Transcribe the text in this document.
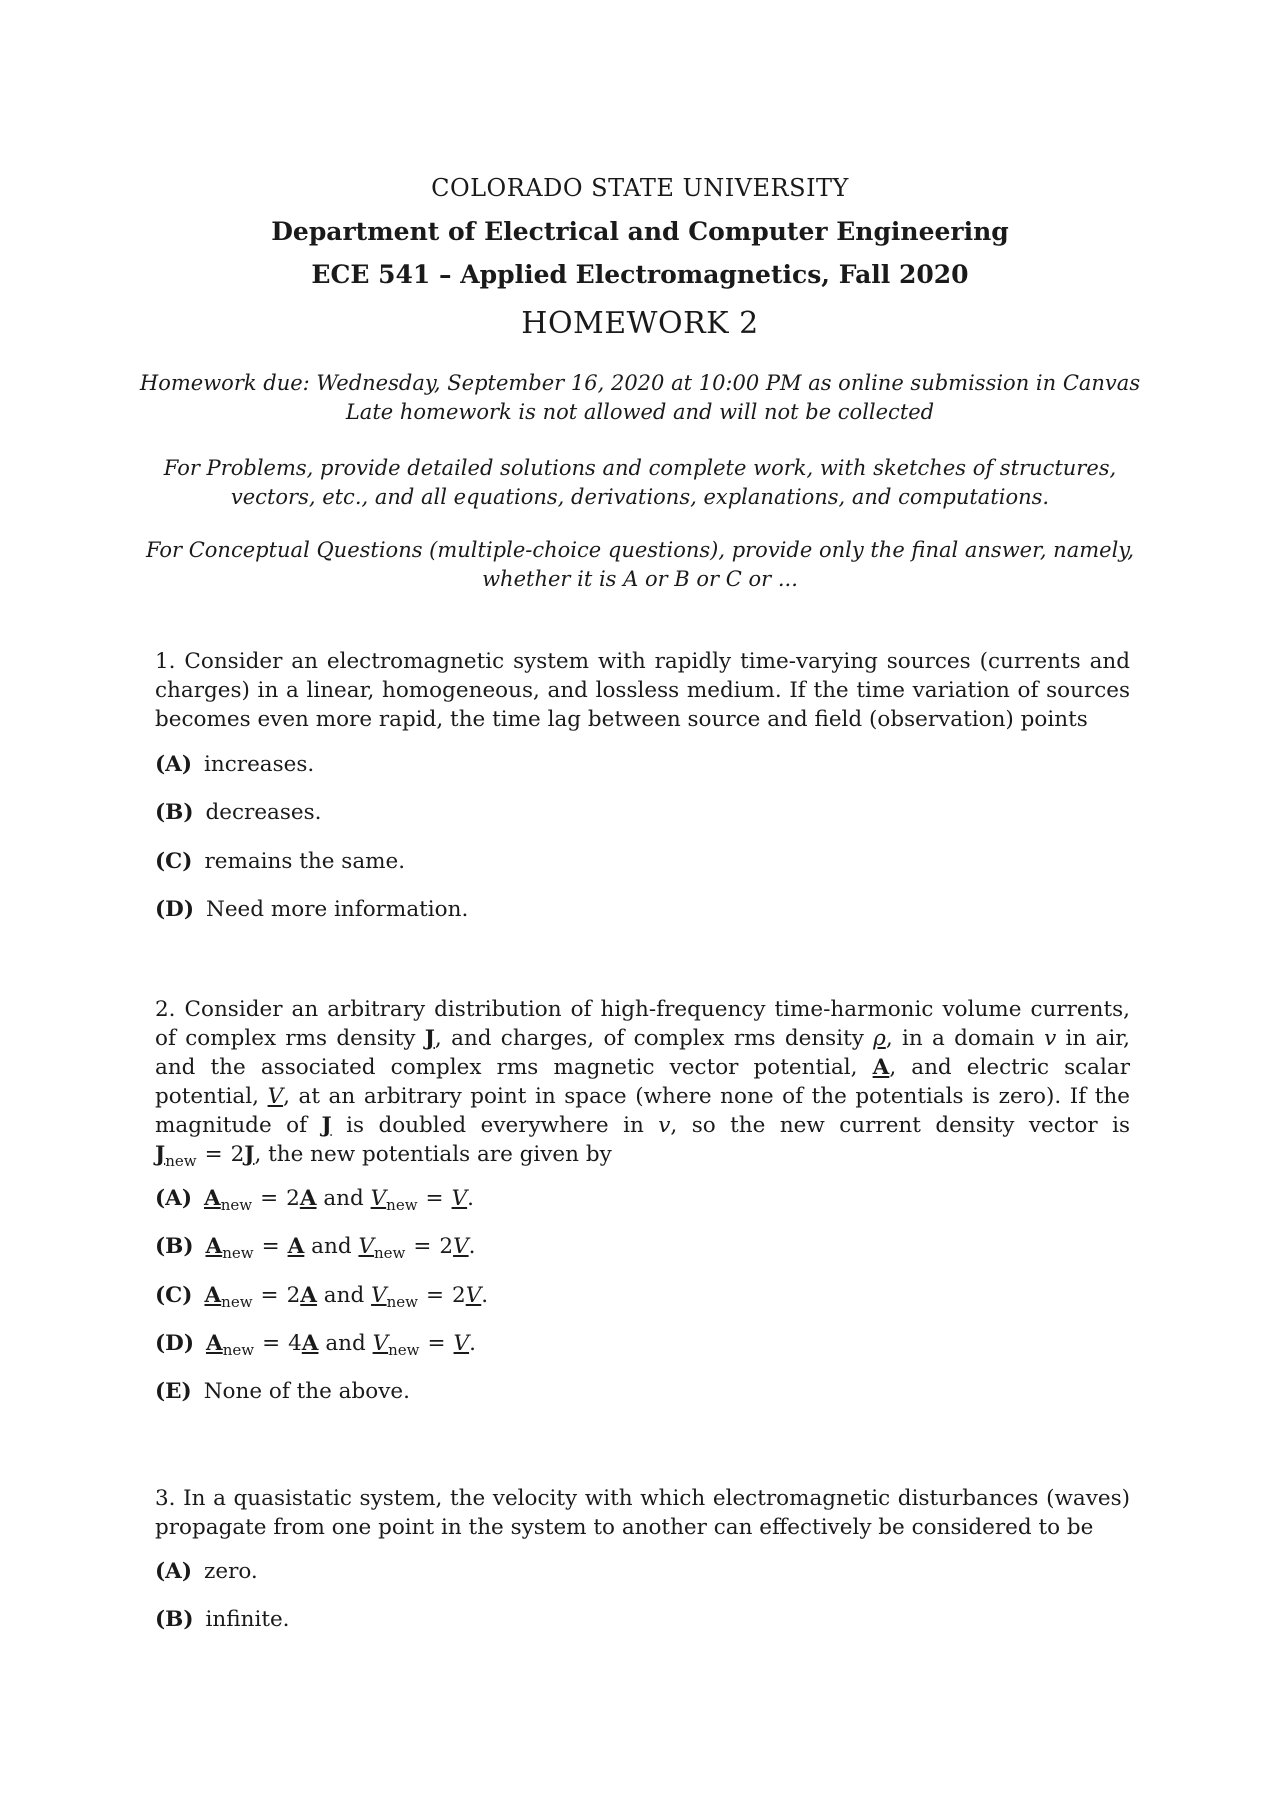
COLORADO STATE UNIVERSITY
Department of Electrical and Computer Engineering
ECE 541 – Applied Electromagnetics, Fall 2020
HOMEWORK 2
Homework due: Wednesday, September 16, 2020 at 10:00 PM as online submission in Canvas
Late homework is not allowed and will not be collected
For Problems, provide detailed solutions and complete work, with sketches of structures,
vectors, etc., and all equations, derivations, explanations, and computations.
For Conceptual Questions (multiple-choice questions), provide only the final answer, namely,
whether it is A or B or C or ...
1. Consider an electromagnetic system with rapidly time-varying sources (currents and charges) in a linear, homogeneous, and lossless medium. If the time variation of sources becomes even more rapid, the time lag between source and field (observation) points
(A) increases.
(B) decreases.
(C) remains the same.
(D) Need more information.
2. Consider an arbitrary distribution of high-frequency time-harmonic volume currents, of complex rms density J, and charges, of complex rms density ρ, in a domain v in air, and the associated complex rms magnetic vector potential, A, and electric scalar potential, V, at an arbitrary point in space (where none of the potentials is zero). If the magnitude of J is doubled everywhere in v, so the new current density vector is $J_{new} = 2J$, the new potentials are given by
(A) $A_{new} = 2A$ and $V_{new} = V$.
(B) $A_{new} = A$ and $V_{new} = 2V$.
(C) $A_{new} = 2A$ and $V_{new} = 2V$.
(D) $A_{new} = 4A$ and $V_{new} = V$.
(E) None of the above.
3. In a quasistatic system, the velocity with which electromagnetic disturbances (waves) propagate from one point in the system to another can effectively be considered to be
(A) zero.
(B) infinite.
